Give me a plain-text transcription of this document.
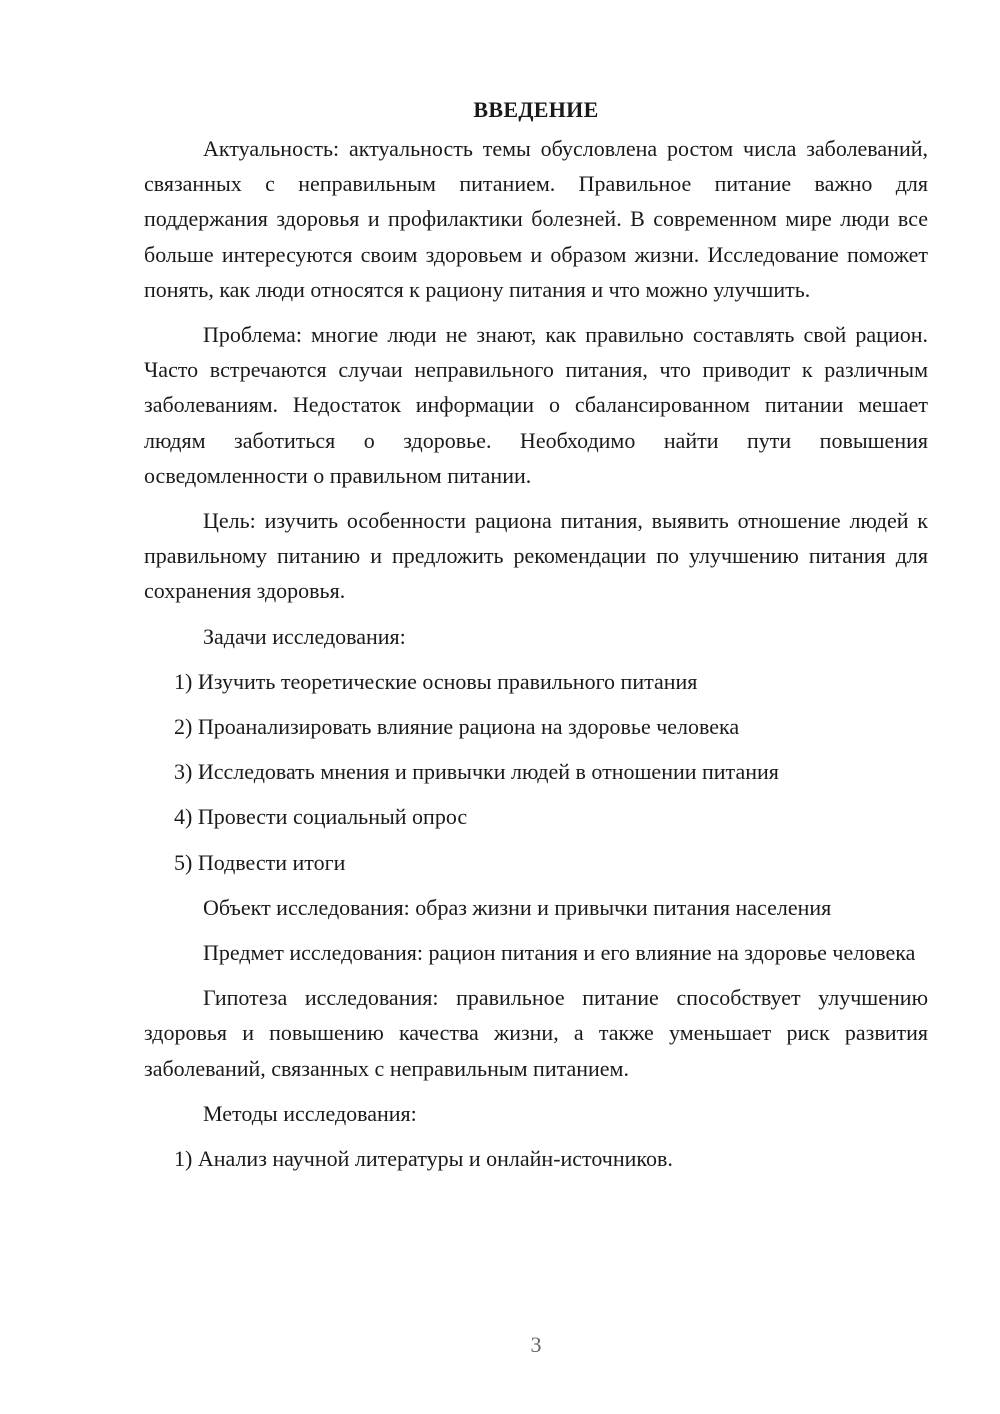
ВВЕДЕНИЕ

Актуальность: актуальность темы обусловлена ростом числа заболеваний, связанных с неправильным питанием. Правильное питание важно для поддержания здоровья и профилактики болезней. В современном мире люди все больше интересуются своим здоровьем и образом жизни. Исследование поможет понять, как люди относятся к рациону питания и что можно улучшить.

Проблема: многие люди не знают, как правильно составлять свой рацион. Часто встречаются случаи неправильного питания, что приводит к различным заболеваниям. Недостаток информации о сбалансированном питании мешает людям заботиться о здоровье. Необходимо найти пути повышения осведомленности о правильном питании.

Цель: изучить особенности рациона питания, выявить отношение людей к правильному питанию и предложить рекомендации по улучшению питания для сохранения здоровья.

Задачи исследования:
1) Изучить теоретические основы правильного питания
2) Проанализировать влияние рациона на здоровье человека
3) Исследовать мнения и привычки людей в отношении питания
4) Провести социальный опрос
5) Подвести итоги
Объект исследования: образ жизни и привычки питания населения

Предмет исследования: рацион питания и его влияние на здоровье человека

Гипотеза исследования: правильное питание способствует улучшению здоровья и повышению качества жизни, а также уменьшает риск развития заболеваний, связанных с неправильным питанием.

Методы исследования:
1) Анализ научной литературы и онлайн-источников.
3
